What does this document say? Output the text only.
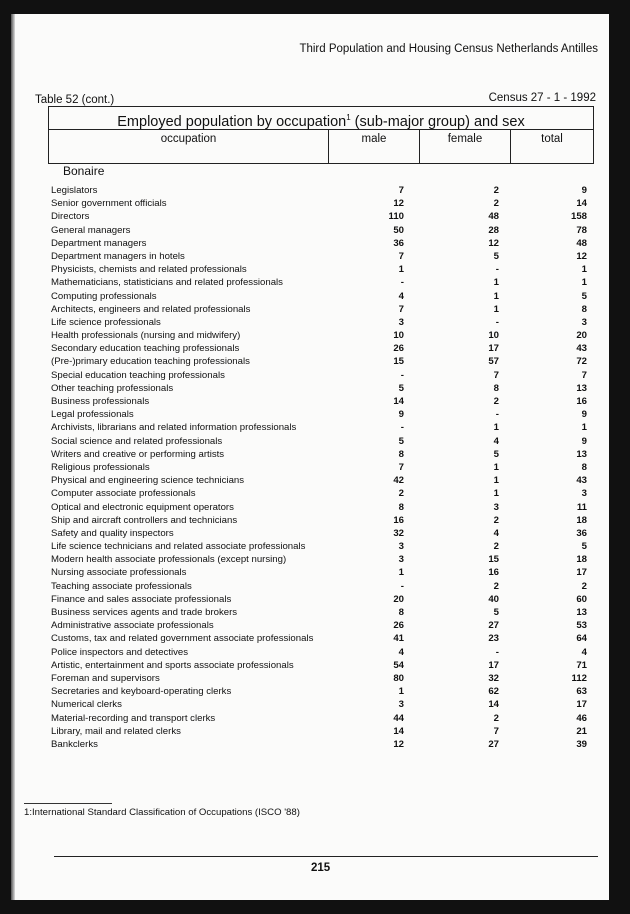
Third Population and Housing Census Netherlands Antilles
Table 52 (cont.)	Census 27 - 1 - 1992
Employed population by occupation$^1$ (sub-major group) and sex
occupation	male	female	total
Bonaire
Legislators	7	2	9
Senior government officials	12	2	14
Directors	110	48	158
General managers	50	28	78
Department managers	36	12	48
Department managers in hotels	7	5	12
Physicists, chemists and related professionals	1	-	1
Mathematicians, statisticians and related professionals	-	1	1
Computing professionals	4	1	5
Architects, engineers and related professionals	7	1	8
Life science professionals	3	-	3
Health professionals (nursing and midwifery)	10	10	20
Secondary education teaching professionals	26	17	43
(Pre-)primary education teaching professionals	15	57	72
Special education teaching professionals	-	7	7
Other teaching professionals	5	8	13
Business professionals	14	2	16
Legal professionals	9	-	9
Archivists, librarians and related information professionals	-	1	1
Social science and related professionals	5	4	9
Writers and creative or performing artists	8	5	13
Religious professionals	7	1	8
Physical and engineering science technicians	42	1	43
Computer associate professionals	2	1	3
Optical and electronic equipment operators	8	3	11
Ship and aircraft controllers and technicians	16	2	18
Safety and quality inspectors	32	4	36
Life science technicians and related associate professionals	3	2	5
Modern health associate professionals (except nursing)	3	15	18
Nursing associate professionals	1	16	17
Teaching associate professionals	-	2	2
Finance and sales associate professionals	20	40	60
Business services agents and trade brokers	8	5	13
Administrative associate professionals	26	27	53
Customs, tax and related government associate professionals	41	23	64
Police inspectors and detectives	4	-	4
Artistic, entertainment and sports associate professionals	54	17	71
Foreman and supervisors	80	32	112
Secretaries and keyboard-operating clerks	1	62	63
Numerical clerks	3	14	17
Material-recording and transport clerks	44	2	46
Library, mail and related clerks	14	7	21
Bankclerks	12	27	39
1:International Standard Classification of Occupations (ISCO '88)
215
